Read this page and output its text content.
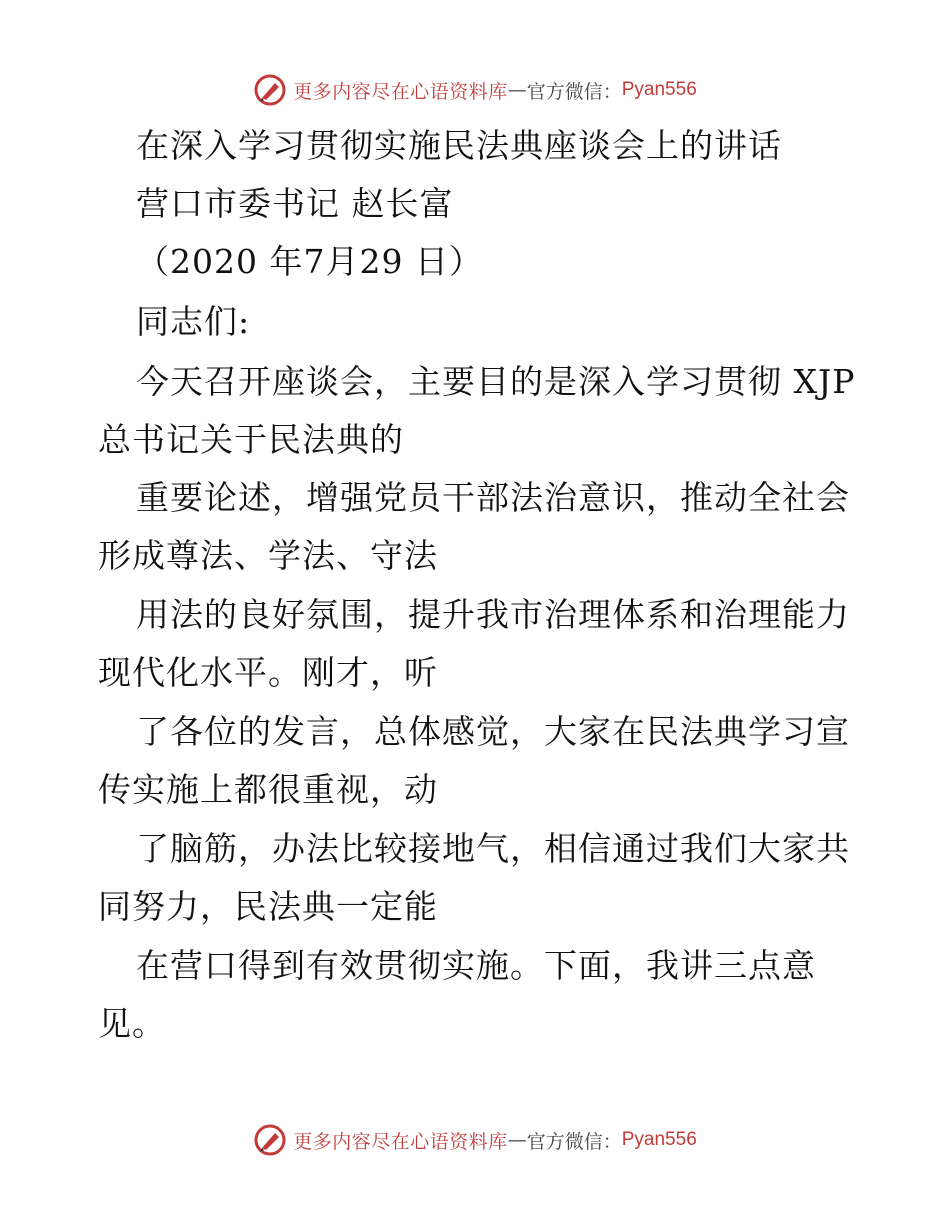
更多内容尽在心语资料库 — 官方微信： Pyan556
在深入学习贯彻实施民法典座谈会上的讲话
营口市委书记 赵长富
（2020 年7月29 日）
同志们:
今天召开座谈会，主要目的是深入学习贯彻 XJP
总书记关于民法典的
重要论述，增强党员干部法治意识，推动全社会
形成尊法、学法、守法
用法的良好氛围，提升我市治理体系和治理能力
现代化水平。刚才，听
了各位的发言，总体感觉，大家在民法典学习宣
传实施上都很重视，动
了脑筋，办法比较接地气，相信通过我们大家共
同努力，民法典一定能
在营口得到有效贯彻实施。下面，我讲三点意
见。
更多内容尽在心语资料库 — 官方微信： Pyan556
